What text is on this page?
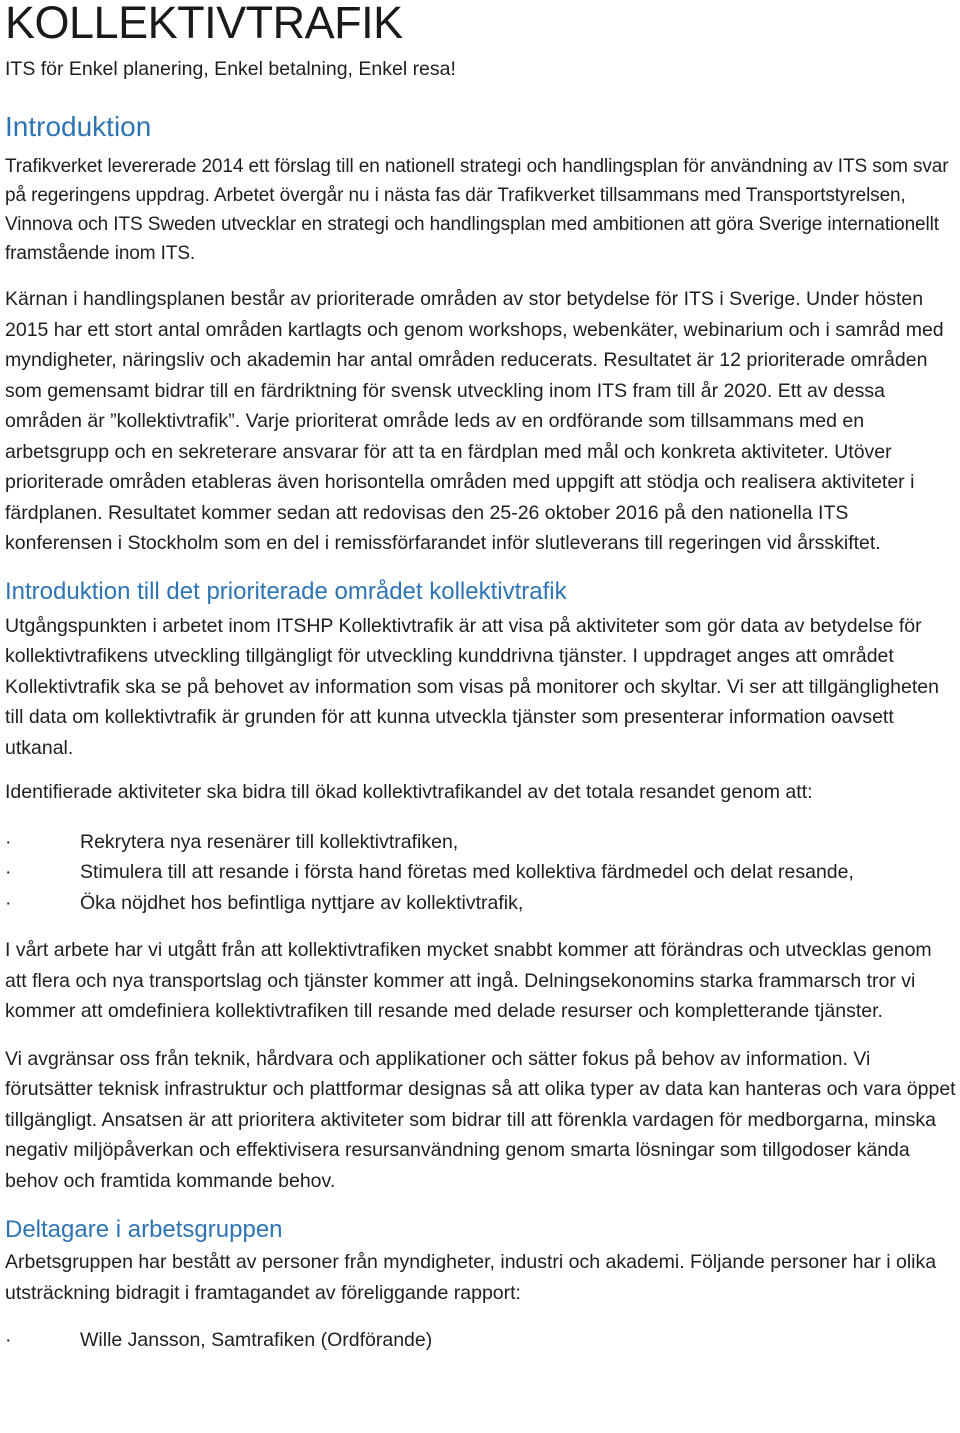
KOLLEKTIVTRAFIK
ITS för Enkel planering, Enkel betalning, Enkel resa!
Introduktion

Trafikverket levererade 2014 ett förslag till en nationell strategi och handlingsplan för användning av ITS som svar på regeringens uppdrag. Arbetet övergår nu i nästa fas där Trafikverket tillsammans med Transportstyrelsen, Vinnova och ITS Sweden utvecklar en strategi och handlingsplan med ambitionen att göra Sverige internationellt framstående inom ITS.

Kärnan i handlingsplanen består av prioriterade områden av stor betydelse för ITS i Sverige. Under hösten 2015 har ett stort antal områden kartlagts och genom workshops, webenkäter, webinarium och i samråd med myndigheter, näringsliv och akademin har antal områden reducerats. Resultatet är 12 prioriterade områden som gemensamt bidrar till en färdriktning för svensk utveckling inom ITS fram till år 2020. Ett av dessa områden är ”kollektivtrafik”. Varje prioriterat område leds av en ordförande som tillsammans med en arbetsgrupp och en sekreterare ansvarar för att ta en färdplan med mål och konkreta aktiviteter. Utöver prioriterade områden etableras även horisontella områden med uppgift att stödja och realisera aktiviteter i färdplanen. Resultatet kommer sedan att redovisas den 25-26 oktober 2016 på den nationella ITS konferensen i Stockholm som en del i remissförfarandet inför slutleverans till regeringen vid årsskiftet.

Introduktion till det prioriterade området kollektivtrafik

Utgångspunkten i arbetet inom ITSHP Kollektivtrafik är att visa på aktiviteter som gör data av betydelse för kollektivtrafikens utveckling tillgängligt för utveckling kunddrivna tjänster. I uppdraget anges att området Kollektivtrafik ska se på behovet av information som visas på monitorer och skyltar. Vi ser att tillgängligheten till data om kollektivtrafik är grunden för att kunna utveckla tjänster som presenterar information oavsett utkanal.

Identifierade aktiviteter ska bidra till ökad kollektivtrafikandel av det totala resandet genom att:

·	Rekrytera nya resenärer till kollektivtrafiken,
·	Stimulera till att resande i första hand företas med kollektiva färdmedel och delat resande,
·	Öka nöjdhet hos befintliga nyttjare av kollektivtrafik,

I vårt arbete har vi utgått från att kollektivtrafiken mycket snabbt kommer att förändras och utvecklas genom att flera och nya transportslag och tjänster kommer att ingå. Delningsekonomins starka frammarsch tror vi kommer att omdefiniera kollektivtrafiken till resande med delade resurser och kompletterande tjänster.

Vi avgränsar oss från teknik, hårdvara och applikationer och sätter fokus på behov av information. Vi förutsätter teknisk infrastruktur och plattformar designas så att olika typer av data kan hanteras och vara öppet tillgängligt. Ansatsen är att prioritera aktiviteter som bidrar till att förenkla vardagen för medborgarna, minska negativ miljöpåverkan och effektivisera resursanvändning genom smarta lösningar som tillgodoser kända behov och framtida kommande behov.

Deltagare i arbetsgruppen

Arbetsgruppen har bestått av personer från myndigheter, industri och akademi. Följande personer har i olika utsträckning bidragit i framtagandet av föreliggande rapport:

·	Wille Jansson, Samtrafiken (Ordförande)
